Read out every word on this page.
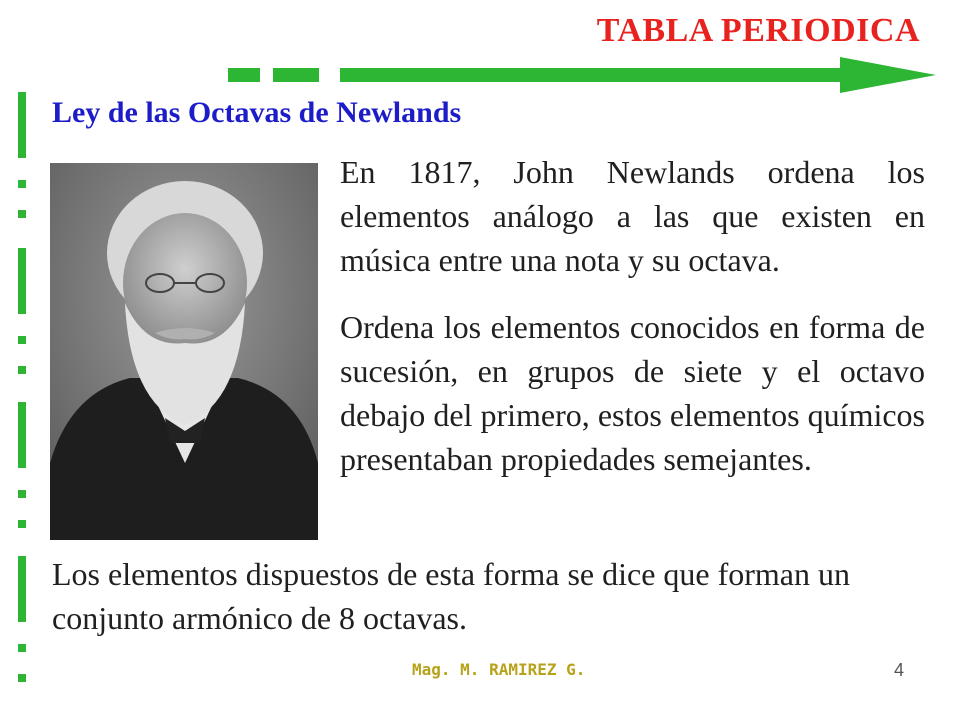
TABLA PERIODICA
Ley de las Octavas de Newlands
En 1817, John Newlands ordena los elementos análogo a las que existen en música entre una nota y su octava.
Ordena los elementos conocidos en forma de sucesión, en grupos de siete y el octavo debajo del primero, estos elementos químicos presentaban propiedades semejantes.
Los elementos dispuestos de esta forma se dice que forman un conjunto armónico de 8 octavas.
Mag. M. RAMIREZ G.	4
